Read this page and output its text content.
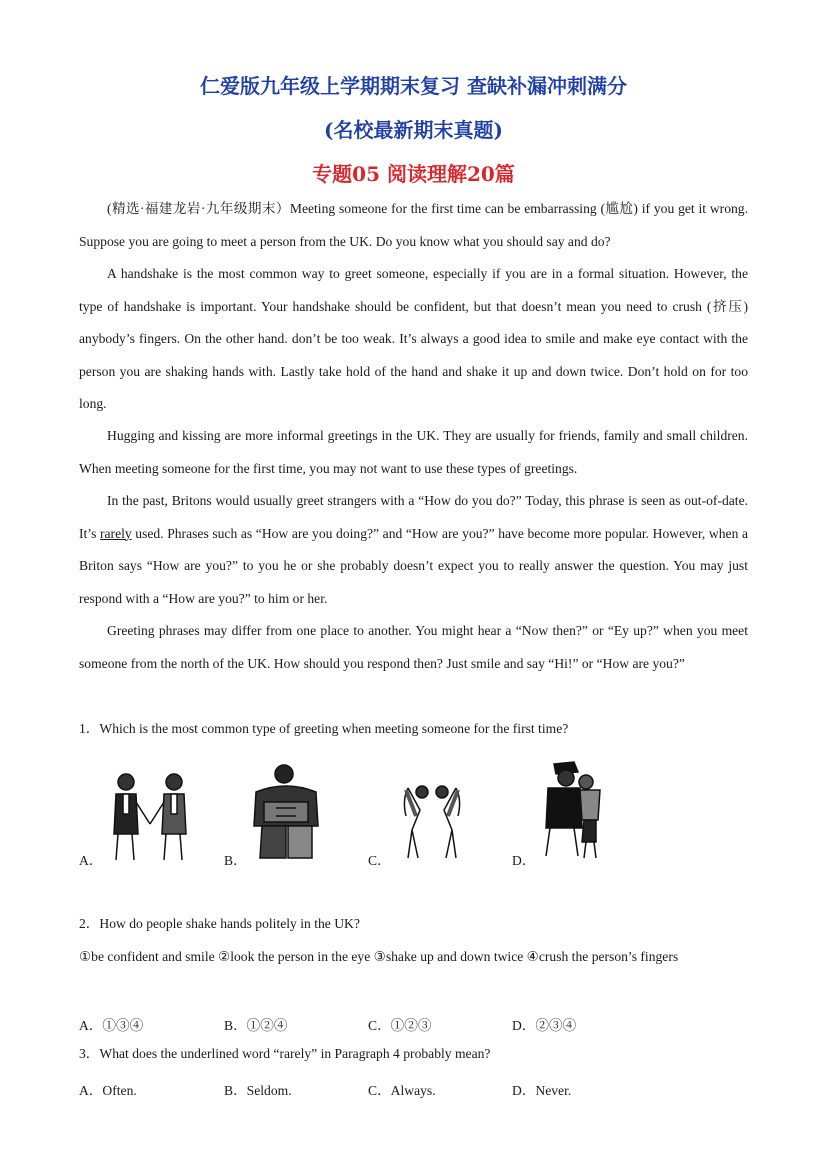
仁爱版九年级上学期期末复习 查缺补漏冲刺满分
(名校最新期末真题)
专题05 阅读理解20篇

(精选·福建龙岩·九年级期末）Meeting someone for the first time can be embarrassing (尴尬) if you get it wrong. Suppose you are going to meet a person from the UK. Do you know what you should say and do?

A handshake is the most common way to greet someone, especially if you are in a formal situation. However, the type of handshake is important. Your handshake should be confident, but that doesn’t mean you need to crush (挤压) anybody’s fingers. On the other hand. don’t be too weak. It’s always a good idea to smile and make eye contact with the person you are shaking hands with. Lastly take hold of the hand and shake it up and down twice. Don’t hold on for too long.

Hugging and kissing are more informal greetings in the UK. They are usually for friends, family and small children. When meeting someone for the first time, you may not want to use these types of greetings.

In the past, Britons would usually greet strangers with a “How do you do?” Today, this phrase is seen as out-of-date. It’s rarely used. Phrases such as “How are you doing?” and “How are you?” have become more popular. However, when a Briton says “How are you?” to you he or she probably doesn’t expect you to really answer the question. You may just respond with a “How are you?” to him or her.

Greeting phrases may differ from one place to another. You might hear a “Now then?” or “Ey up?” when you meet someone from the north of the UK. How should you respond then? Just smile and say “Hi!” or “How are you?”

1．Which is the most common type of greeting when meeting someone for the first time?

A．	B．	C．	D．

2．How do people shake hands politely in the UK?

①be confident and smile ②look the person in the eye ③shake up and down twice ④crush the person’s fingers

A．①③④	B．①②④	C．①②③	D．②③④

3．What does the underlined word “rarely” in Paragraph 4 probably mean?

A．Often.	B．Seldom.	C．Always.	D．Never.
